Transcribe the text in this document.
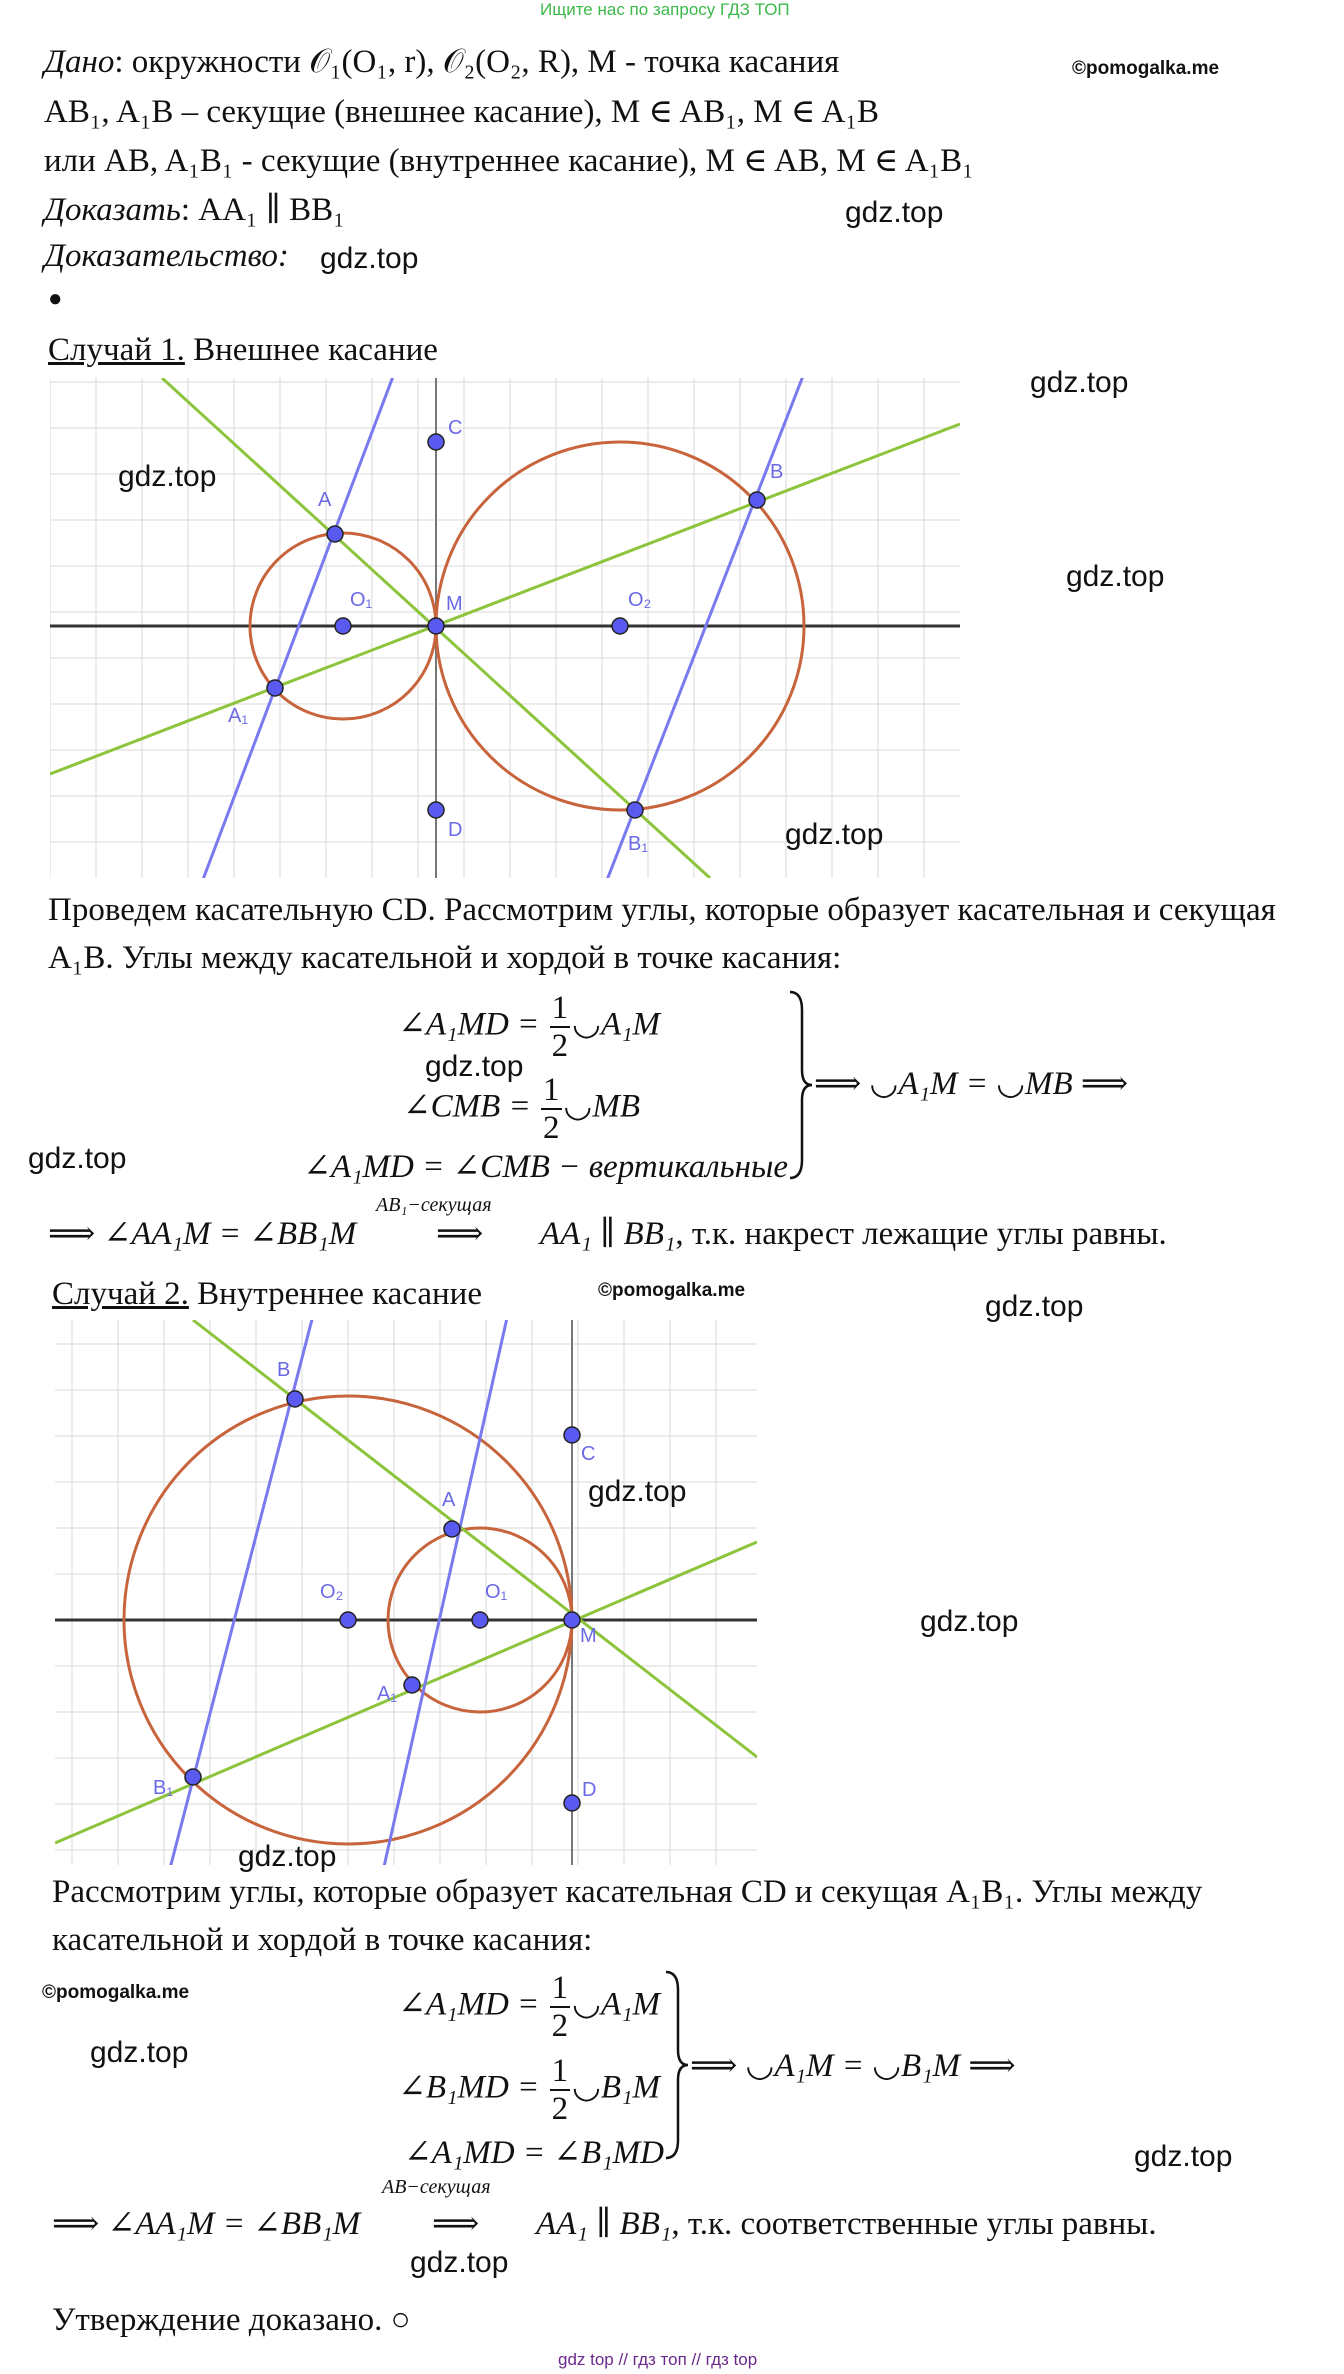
Ищите нас по запросу ГДЗ ТОП
Дано: окружности 𝒪₁(O₁, r), 𝒪₂(O₂, R), M - точка касания	©pomogalka.me
AB₁, A₁B – секущие (внешнее касание), M ∈ AB₁, M ∈ A₁B
или AB, A₁B₁ - секущие (внутреннее касание), M ∈ AB, M ∈ A₁B₁
Доказать: AA₁ ∥ BB₁	gdz.top
Доказательство: gdz.top
●
Случай 1. Внешнее касание
gdz.top
gdz.top
A
B
C
D
M
O₁	O₂
A₁
B₁
gdz.top
gdz.top
Проведем касательную CD. Рассмотрим углы, которые образует касательная и секущая
A₁B. Углы между касательной и хордой в точке касания:
∠A₁MD = $\frac{1}{2}$ ◡A₁M
gdz.top
∠CMB = $\frac{1}{2}$ ◡MB
∠A₁MD = ∠CMB − вертикальные
gdz.top
⟹ ◡A₁M = ◡MB ⟹
AB₁−секущая
⟹ ∠AA₁M = ∠BB₁M ⟹ AA₁ ∥ BB₁, т.к. накрест лежащие углы равны.
Случай 2. Внутреннее касание	©pomogalka.me	gdz.top
B
A
C
D
M
O₁
O₂
A₁
B₁
gdz.top
gdz.top
gdz.top
Рассмотрим углы, которые образует касательная CD и секущая A₁B₁. Углы между
касательной и хордой в точке касания:
©pomogalka.me
gdz.top
∠A₁MD = $\frac{1}{2}$ ◡A₁M
∠B₁MD = $\frac{1}{2}$ ◡B₁M
∠A₁MD = ∠B₁MD
⟹ ◡A₁M = ◡B₁M ⟹
gdz.top
AB−секущая
⟹ ∠AA₁M = ∠BB₁M ⟹ AA₁ ∥ BB₁, т.к. соответственные углы равны.
gdz.top
Утверждение доказано. ○
gdz top // гдз топ // гдз top
